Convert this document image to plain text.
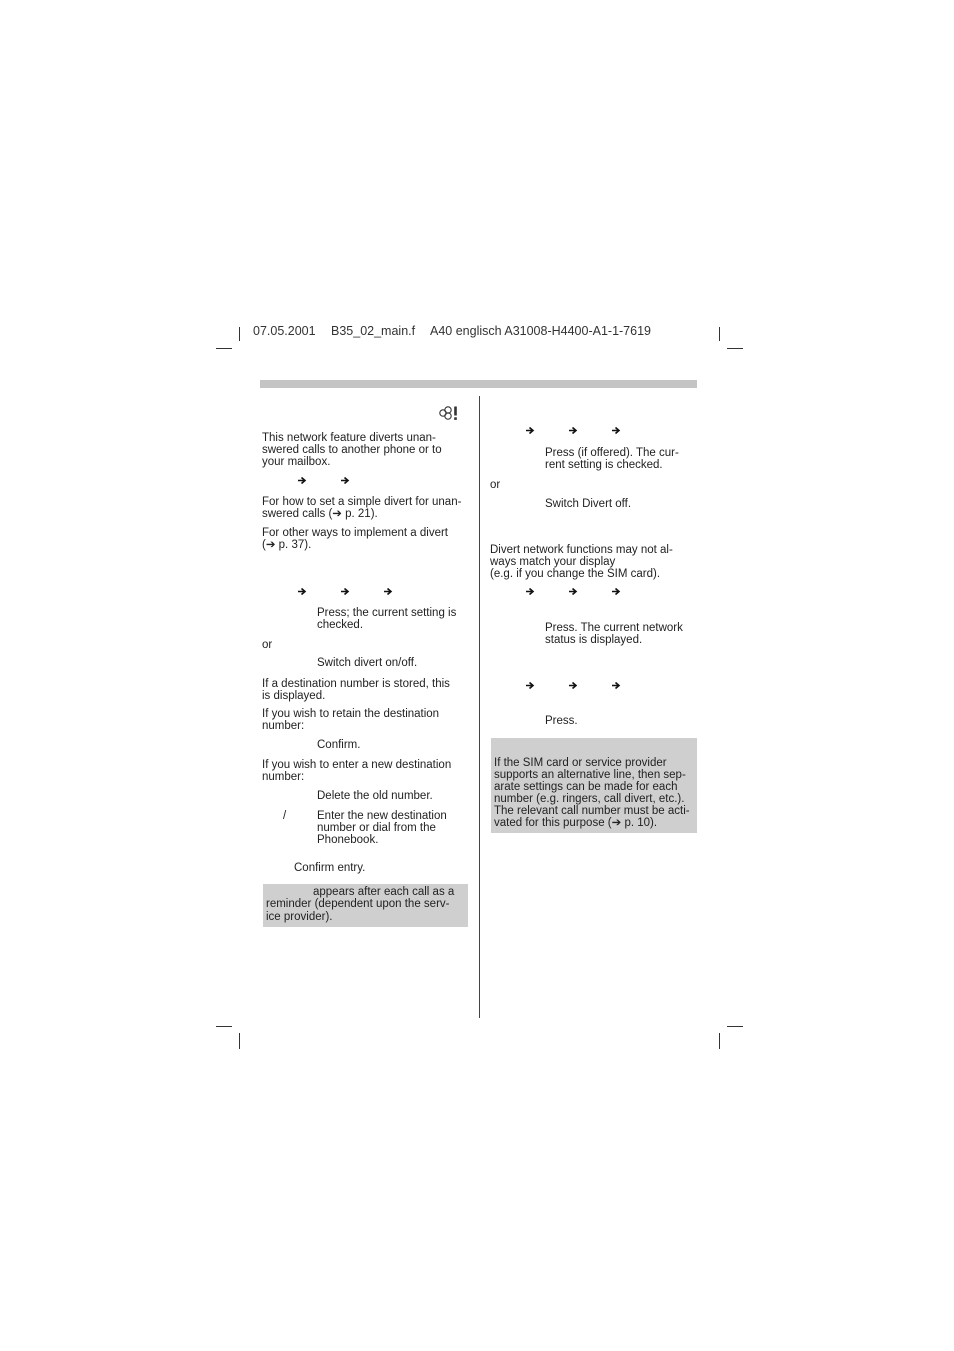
07.05.2001 B35_02_main.f A40 englisch A31008-H4400-A1-1-7619
This network feature diverts unan-
swered calls to another phone or to
your mailbox.
For how to set a simple divert for unan-
swered calls (➔ p. 21).
For other ways to implement a divert
(➔ p. 37).
Press; the current setting is
checked.
or
Switch divert on/off.
If a destination number is stored, this
is displayed.
If you wish to retain the destination
number:
Confirm.
If you wish to enter a new destination
number:
Delete the old number.
/	Enter the new destination
number or dial from the
Phonebook.
Confirm entry.
appears after each call as a
reminder (dependent upon the serv-
ice provider).
Press (if offered). The cur-
rent setting is checked.
or
Switch Divert off.
Divert network functions may not al-
ways match your display
(e.g. if you change the SIM card).
Press. The current network
status is displayed.
Press.
If the SIM card or service provider
supports an alternative line, then sep-
arate settings can be made for each
number (e.g. ringers, call divert, etc.).
The relevant call number must be acti-
vated for this purpose (➔ p. 10).
